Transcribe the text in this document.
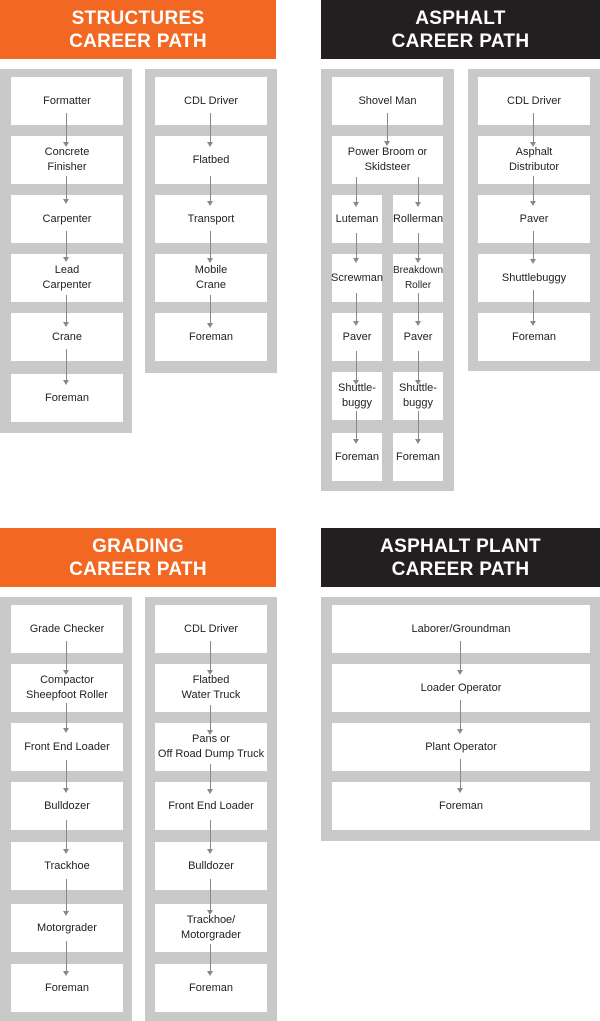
STRUCTURES
CAREER PATH
Formatter
Concrete
Finisher
Carpenter
Lead
Carpenter
Crane
Foreman
CDL Driver
Flatbed
Transport
Mobile
Crane
Foreman
ASPHALT
CAREER PATH
Shovel Man
Power Broom or
Skidsteer
Luteman
Screwman
Paver
Shuttle-
buggy
Foreman
Rollerman
Breakdown
Roller
Paver
Shuttle-
buggy
Foreman
CDL Driver
Asphalt
Distributor
Paver
Shuttlebuggy
Foreman
GRADING
CAREER PATH
Grade Checker
Compactor
Sheepfoot Roller
Front End Loader
Bulldozer
Trackhoe
Motorgrader
Foreman
CDL Driver
Flatbed
Water Truck
Pans or
Off Road Dump Truck
Front End Loader
Bulldozer
Trackhoe/
Motorgrader
Foreman
ASPHALT PLANT
CAREER PATH
Laborer/Groundman
Loader Operator
Plant Operator
Foreman
